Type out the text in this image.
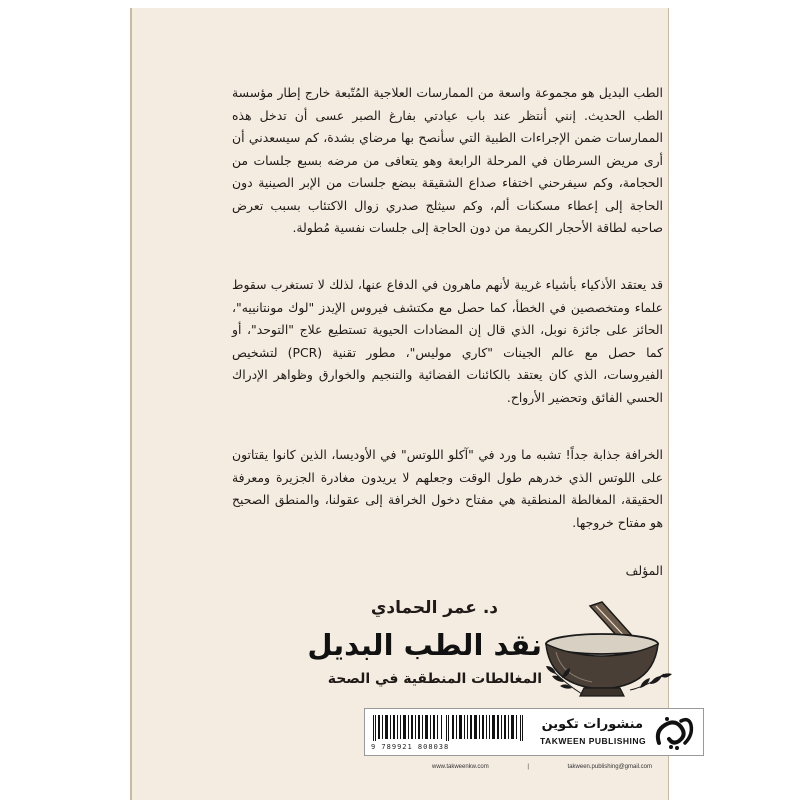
الطب البديل هو مجموعة واسعة من الممارسات العلاجية المُتّبعة خارج إطار مؤسسة الطب الحديث. إنني أنتظر عند باب عيادتي بفارغ الصبر عسى أن تدخل هذه الممارسات ضمن الإجراءات الطبية التي سأنصح بها مرضاي بشدة، كم سيسعدني أن أرى مريض السرطان في المرحلة الرابعة وهو يتعافى من مرضه بسبع جلسات من الحجامة، وكم سيفرحني اختفاء صداع الشقيقة ببضع جلسات من الإبر الصينية دون الحاجة إلى إعطاء مسكنات ألم، وكم سيثلج صدري زوال الاكتئاب بسبب تعرض صاحبه لطاقة الأحجار الكريمة من دون الحاجة إلى جلسات نفسية مُطولة.
قد يعتقد الأذكياء بأشياء غريبة لأنهم ماهرون في الدفاع عنها، لذلك لا تستغرب سقوط علماء ومتخصصين في الخطأ، كما حصل مع مكتشف فيروس الإيدز "لوك مونتانييه"، الحائز على جائزة نوبل، الذي قال إن المضادات الحيوية تستطيع علاج "التوحد"، أو كما حصل مع عالم الجينات "كاري موليس"، مطور تقنية (PCR) لتشخيص الفيروسات، الذي كان يعتقد بالكائنات الفضائية والتنجيم والخوارق وظواهر الإدراك الحسي الفائق وتحضير الأرواح.
الخرافة جذابة جداً! تشبه ما ورد في "آكلو اللوتس" في الأوديسا، الذين كانوا يقتاتون على اللوتس الذي خدرهم طول الوقت وجعلهم لا يريدون مغادرة الجزيرة ومعرفة الحقيقة، المغالطة المنطقية هي مفتاح دخول الخرافة إلى عقولنا، والمنطق الصحيح هو مفتاح خروجها.
المؤلف
د. عمر الحمادي
نقد الطب البديل
المغالطات المنطقية في الصحة
9 789921 808038
منشورات تكوين
TAKWEEN PUBLISHING
www.takweenkw.com	|	takween.publishing@gmail.com
